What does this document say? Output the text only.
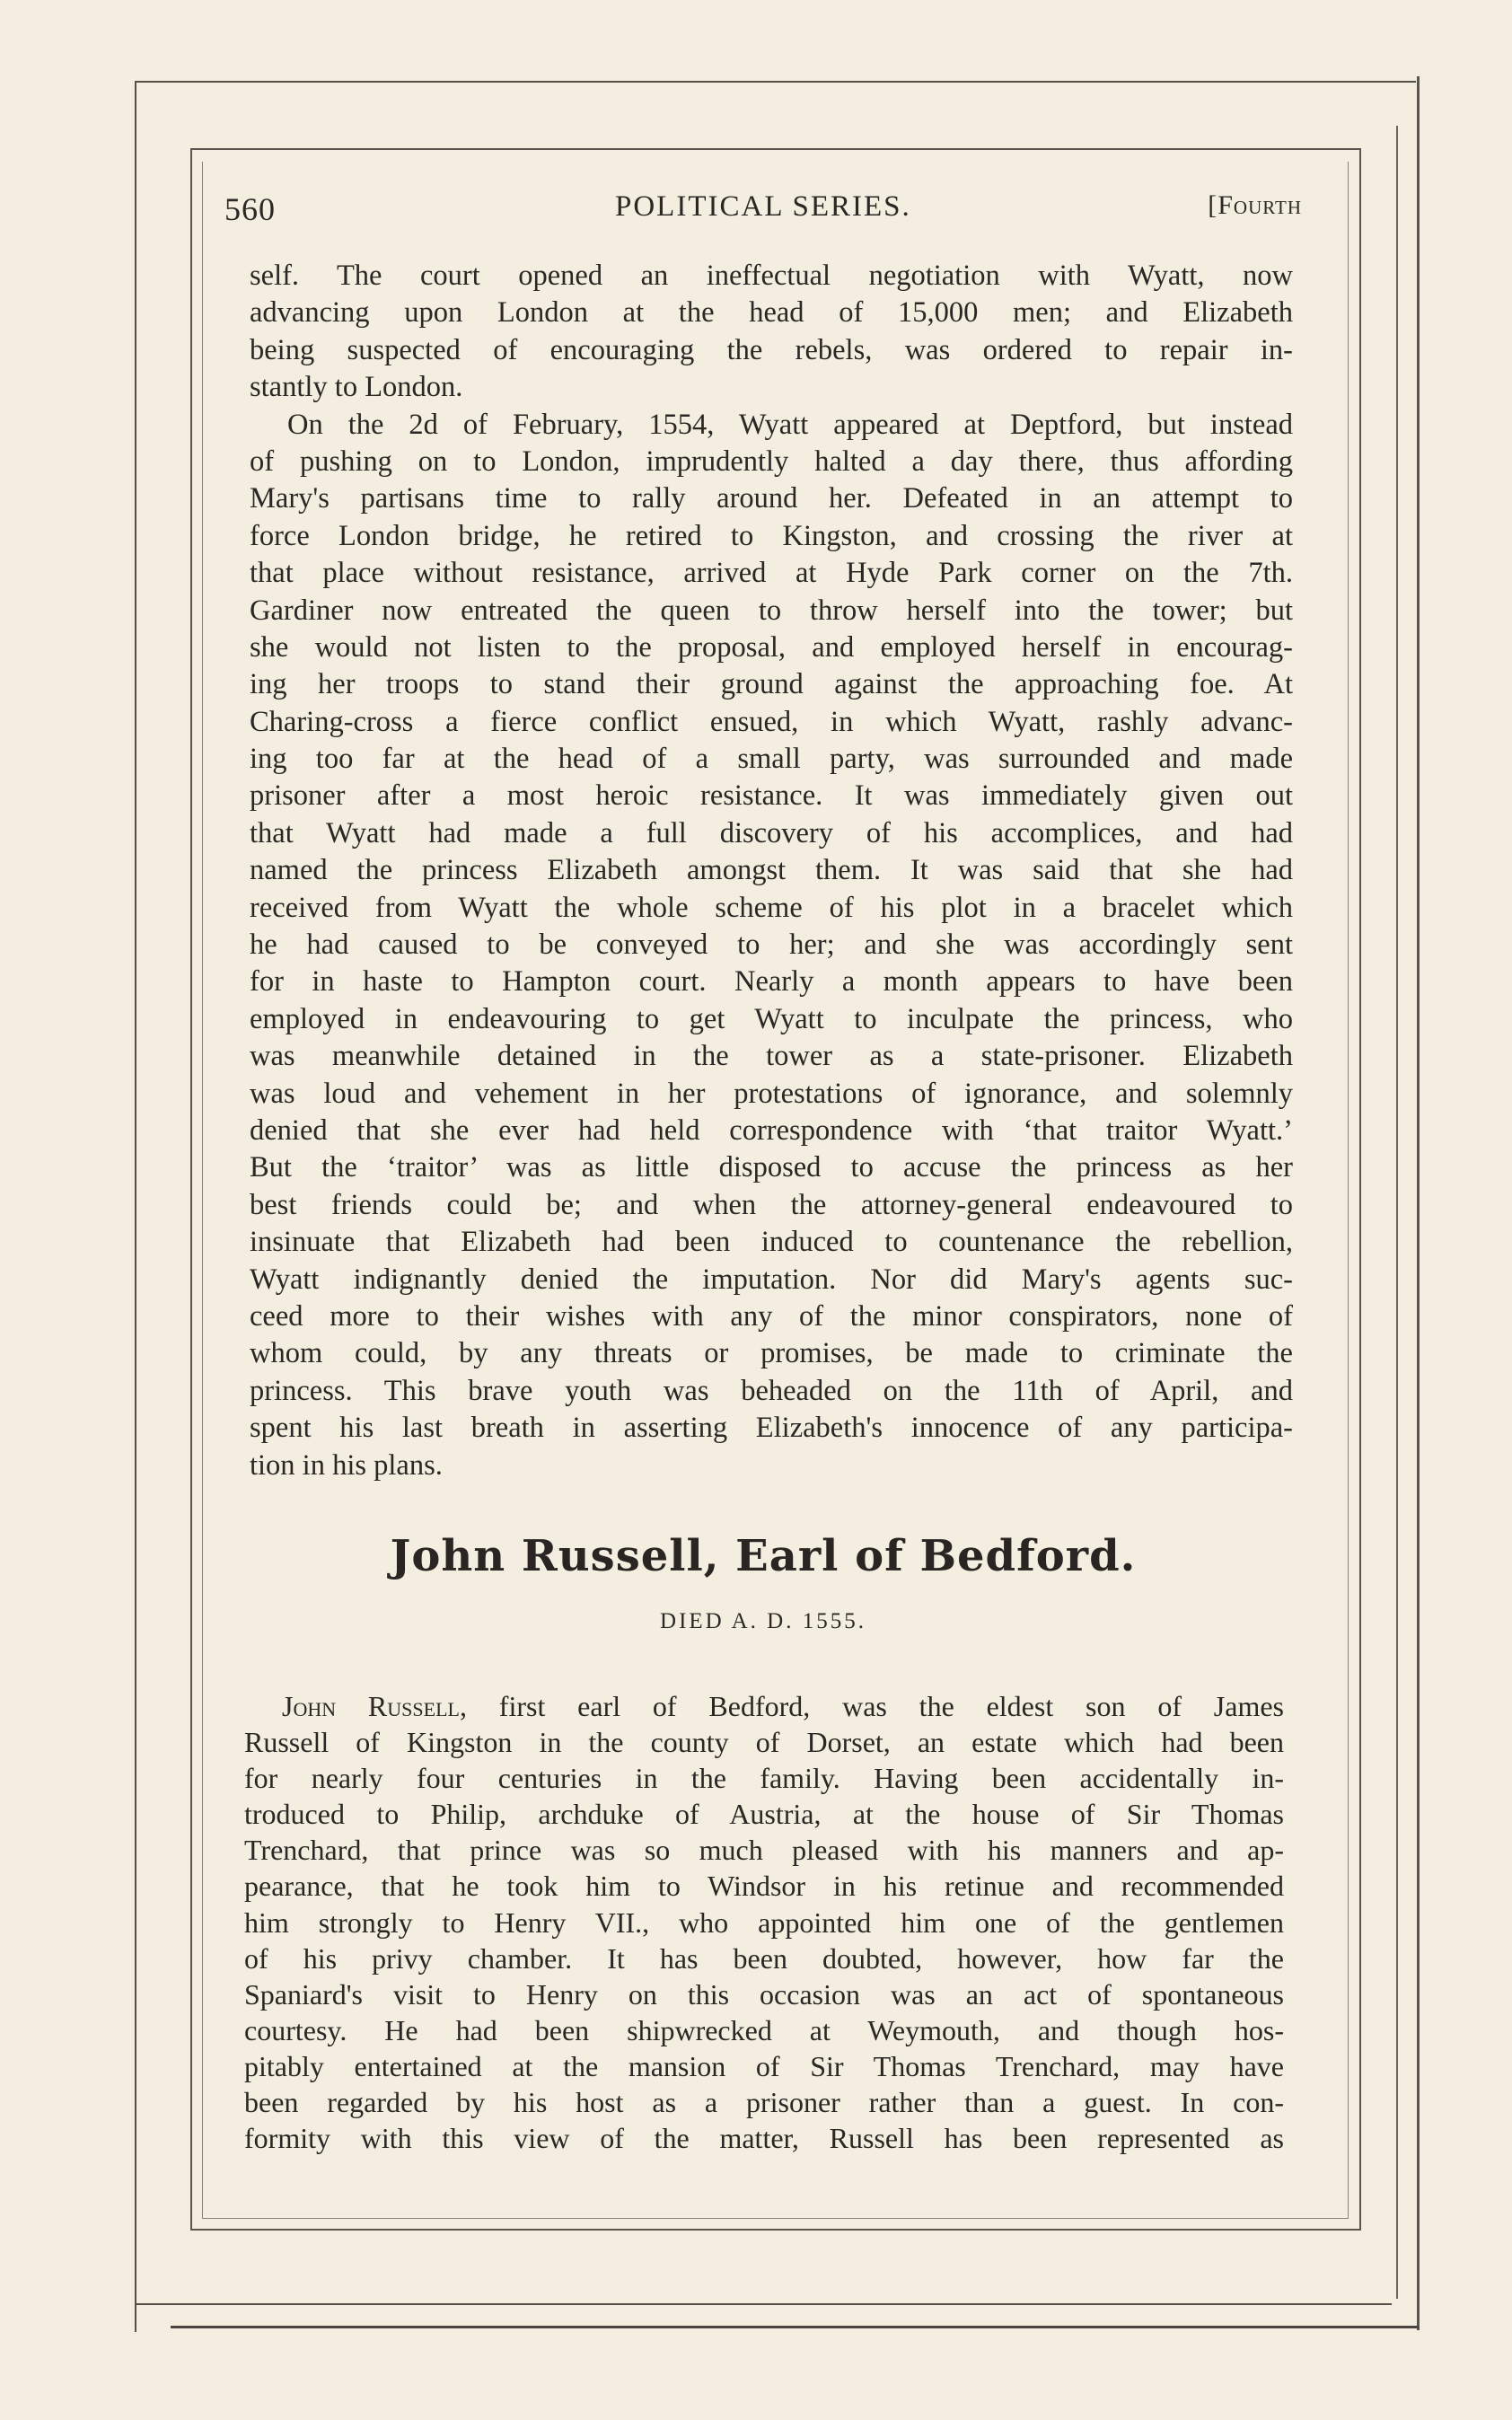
560	POLITICAL SERIES.	[Fourth
self. The court opened an ineffectual negotiation with Wyatt, now
advancing upon London at the head of 15,000 men; and Elizabeth
being suspected of encouraging the rebels, was ordered to repair in-
stantly to London.
On the 2d of February, 1554, Wyatt appeared at Deptford, but instead
of pushing on to London, imprudently halted a day there, thus affording
Mary's partisans time to rally around her. Defeated in an attempt to
force London bridge, he retired to Kingston, and crossing the river at
that place without resistance, arrived at Hyde Park corner on the 7th.
Gardiner now entreated the queen to throw herself into the tower; but
she would not listen to the proposal, and employed herself in encourag-
ing her troops to stand their ground against the approaching foe. At
Charing-cross a fierce conflict ensued, in which Wyatt, rashly advanc-
ing too far at the head of a small party, was surrounded and made
prisoner after a most heroic resistance. It was immediately given out
that Wyatt had made a full discovery of his accomplices, and had
named the princess Elizabeth amongst them. It was said that she had
received from Wyatt the whole scheme of his plot in a bracelet which
he had caused to be conveyed to her; and she was accordingly sent
for in haste to Hampton court. Nearly a month appears to have been
employed in endeavouring to get Wyatt to inculpate the princess, who
was meanwhile detained in the tower as a state-prisoner. Elizabeth
was loud and vehement in her protestations of ignorance, and solemnly
denied that she ever had held correspondence with ‘that traitor Wyatt.’
But the ‘traitor’ was as little disposed to accuse the princess as her
best friends could be; and when the attorney-general endeavoured to
insinuate that Elizabeth had been induced to countenance the rebellion,
Wyatt indignantly denied the imputation. Nor did Mary's agents suc-
ceed more to their wishes with any of the minor conspirators, none of
whom could, by any threats or promises, be made to criminate the
princess. This brave youth was beheaded on the 11th of April, and
spent his last breath in asserting Elizabeth's innocence of any participa-
tion in his plans.
John Russell, Earl of Bedford.
DIED A. D. 1555.
John Russell, first earl of Bedford, was the eldest son of James
Russell of Kingston in the county of Dorset, an estate which had been
for nearly four centuries in the family. Having been accidentally in-
troduced to Philip, archduke of Austria, at the house of Sir Thomas
Trenchard, that prince was so much pleased with his manners and ap-
pearance, that he took him to Windsor in his retinue and recommended
him strongly to Henry VII., who appointed him one of the gentlemen
of his privy chamber. It has been doubted, however, how far the
Spaniard's visit to Henry on this occasion was an act of spontaneous
courtesy. He had been shipwrecked at Weymouth, and though hos-
pitably entertained at the mansion of Sir Thomas Trenchard, may have
been regarded by his host as a prisoner rather than a guest. In con-
formity with this view of the matter, Russell has been represented as
